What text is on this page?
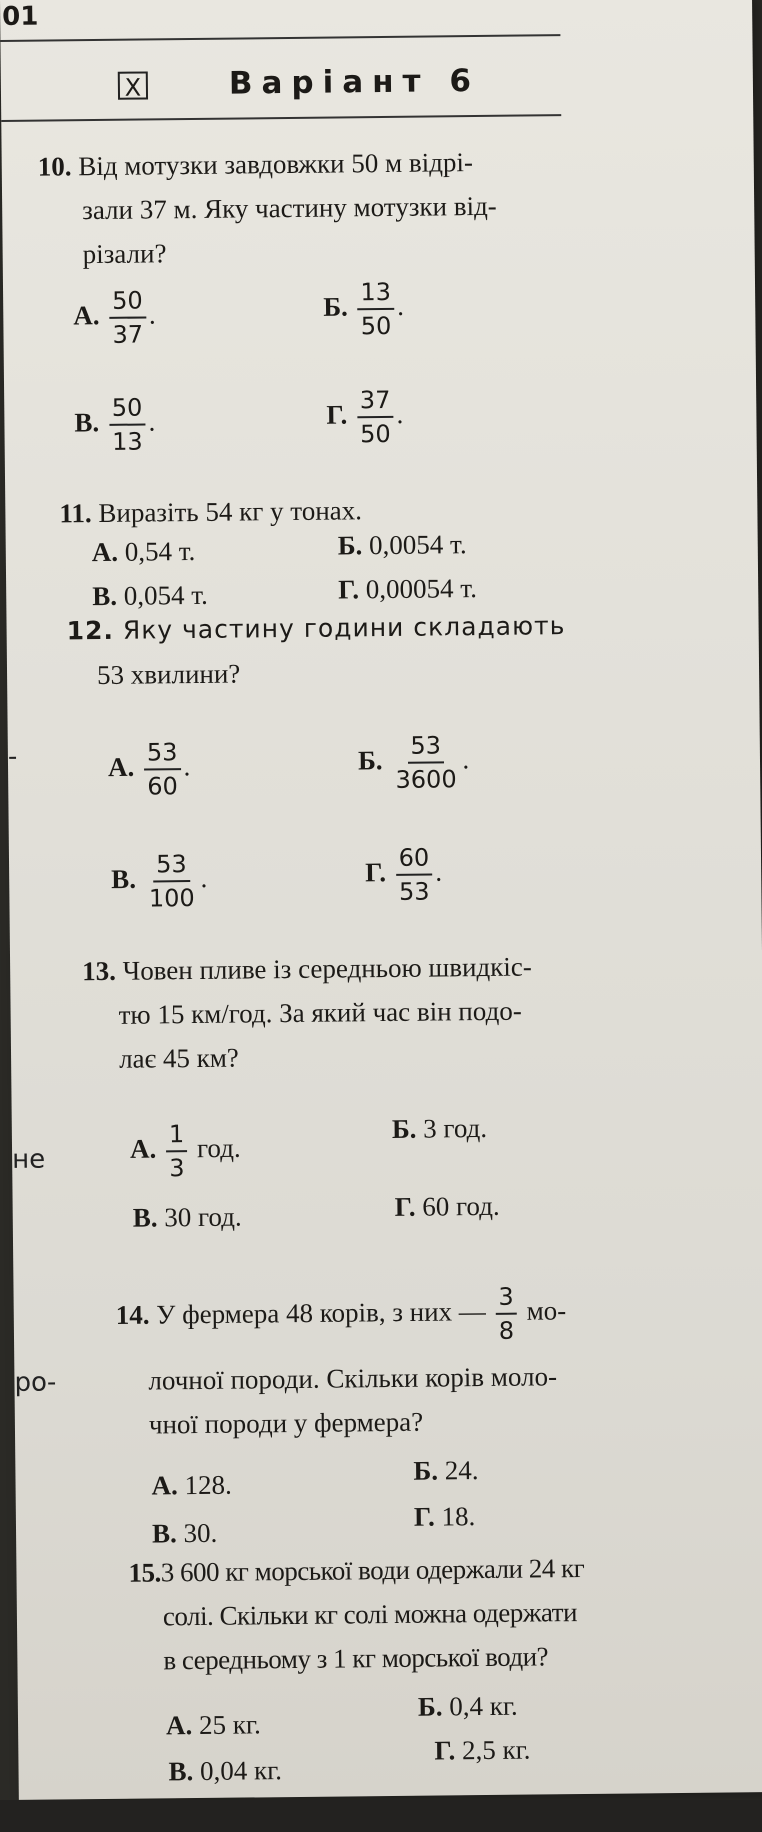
01
X	Варіант 6
10. Від мотузки завдовжки 50 м відрі-
зали 37 м. Яку частину мотузки від-
різали?
А. $\frac{50}{37}$ .	Б. $\frac{13}{50}$ .
В. $\frac{50}{13}$ .	Г. $\frac{37}{50}$ .
11. Виразіть 54 кг у тонах.
А. 0,54 т.	Б. 0,0054 т.
В. 0,054 т.	Г. 0,00054 т.
12. Яку частину години складають
53 хвилини?
-	А. $\frac{53}{60}$ .	Б. $\frac{53}{3600}$ .
В. $\frac{53}{100}$ .	Г. $\frac{60}{53}$ .
13. Човен пливе із середньою швидкіс-
тю 15 км/год. За який час він подо-
лає 45 км?
не	А. $\frac{1}{3}$ год.
Б. 3 год.
В. 30 год.	Г. 60 год.
14. У фермера 48 корів, з них — $\frac{3}{8} мо-$
ро-	лочної породи. Скільки корів моло-
чної породи у фермера?
А. 128.	Б. 24.
В. 30.
Г. 18.
15.3 600 кг морської води одержали 24 кг
солі. Скільки кг солі можна одержати
в середньому з 1 кг морської води?
А. 25 кг.
Б. 0,4 кг.
В. 0,04 кг.
Г. 2,5 кг.
